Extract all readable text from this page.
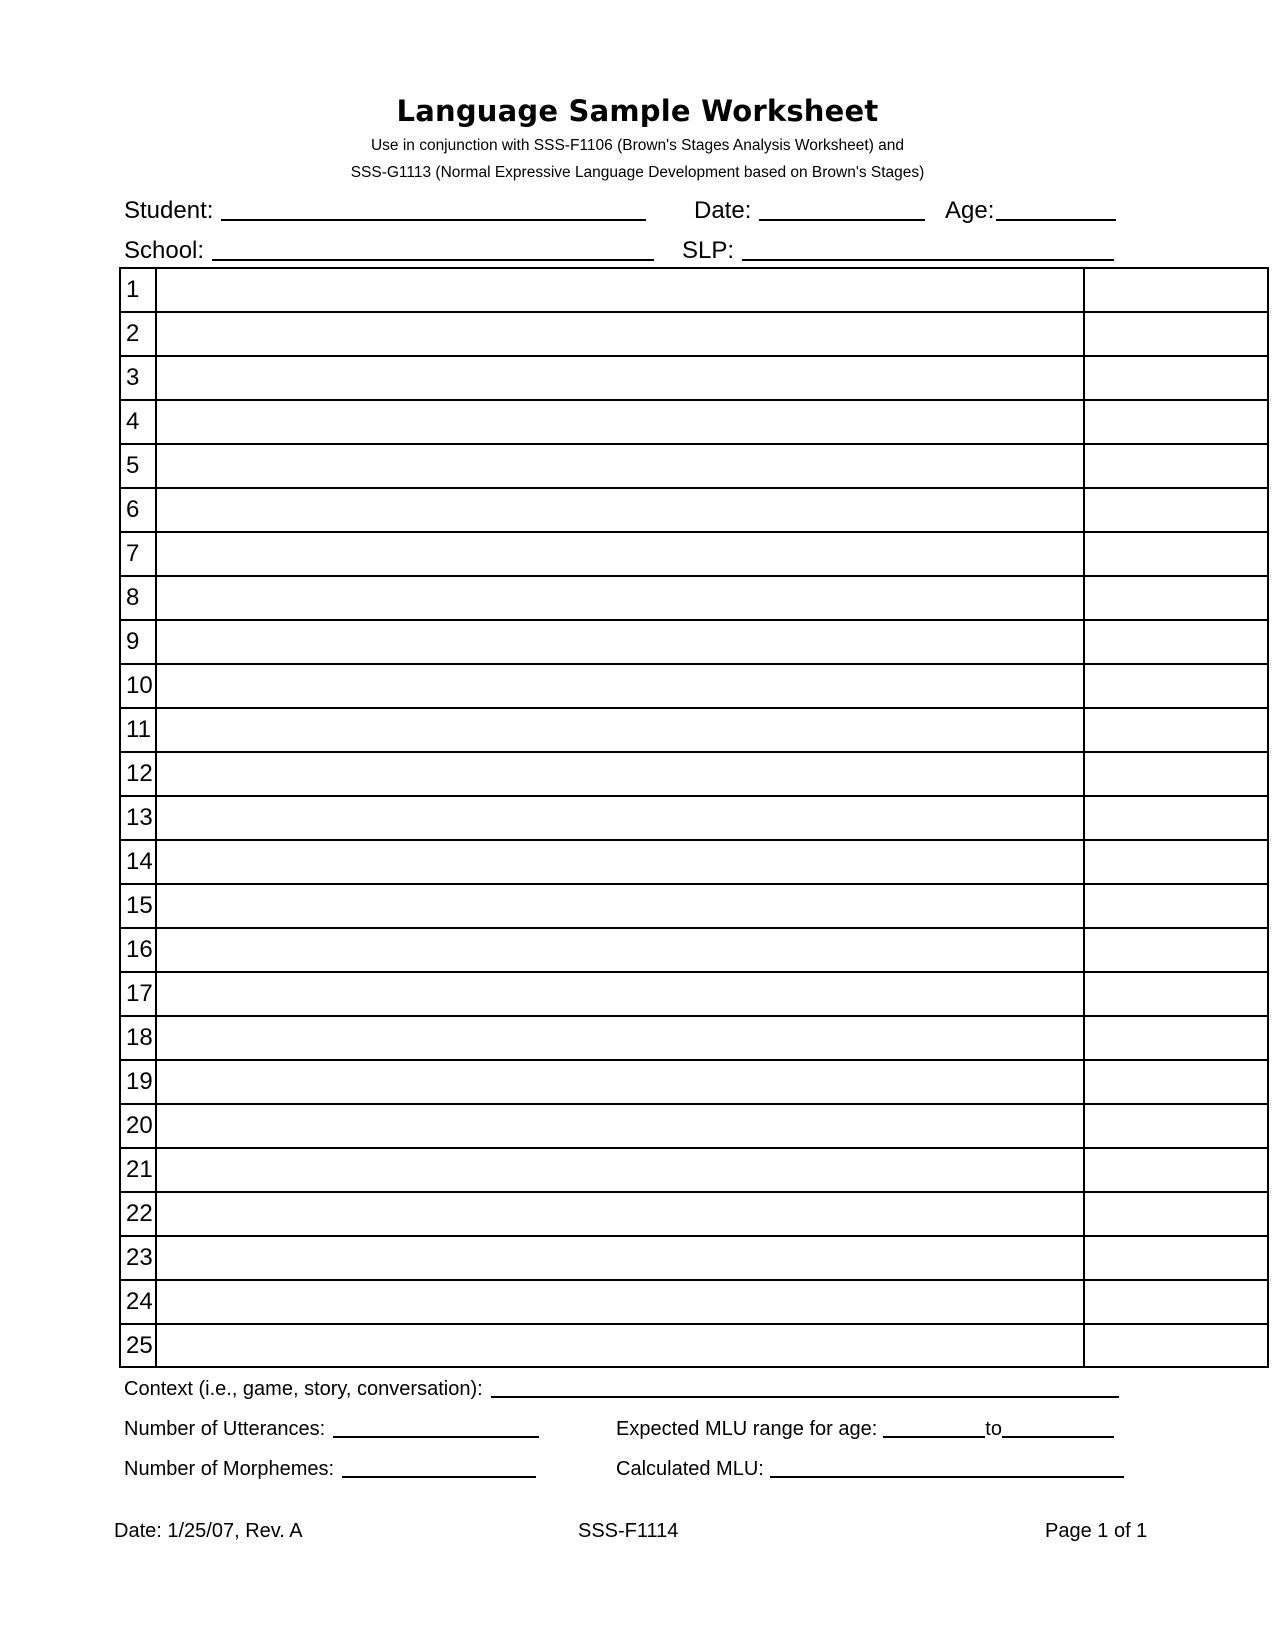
Language Sample Worksheet
Use in conjunction with SSS-F1106 (Brown's Stages Analysis Worksheet) and
SSS-G1113 (Normal Expressive Language Development based on Brown's Stages)
Student:	Date:	Age:
School:	SLP:
1
2
3
4
5
6
7
8
9
10
11
12
13
14
15
16
17
18
19
20
21
22
23
24
25
Context (i.e., game, story, conversation):
Number of Utterances:	Expected MLU range for age:	to
Number of Morphemes:	Calculated MLU:
Date: 1/25/07, Rev. A	SSS-F1114	Page 1 of 1
